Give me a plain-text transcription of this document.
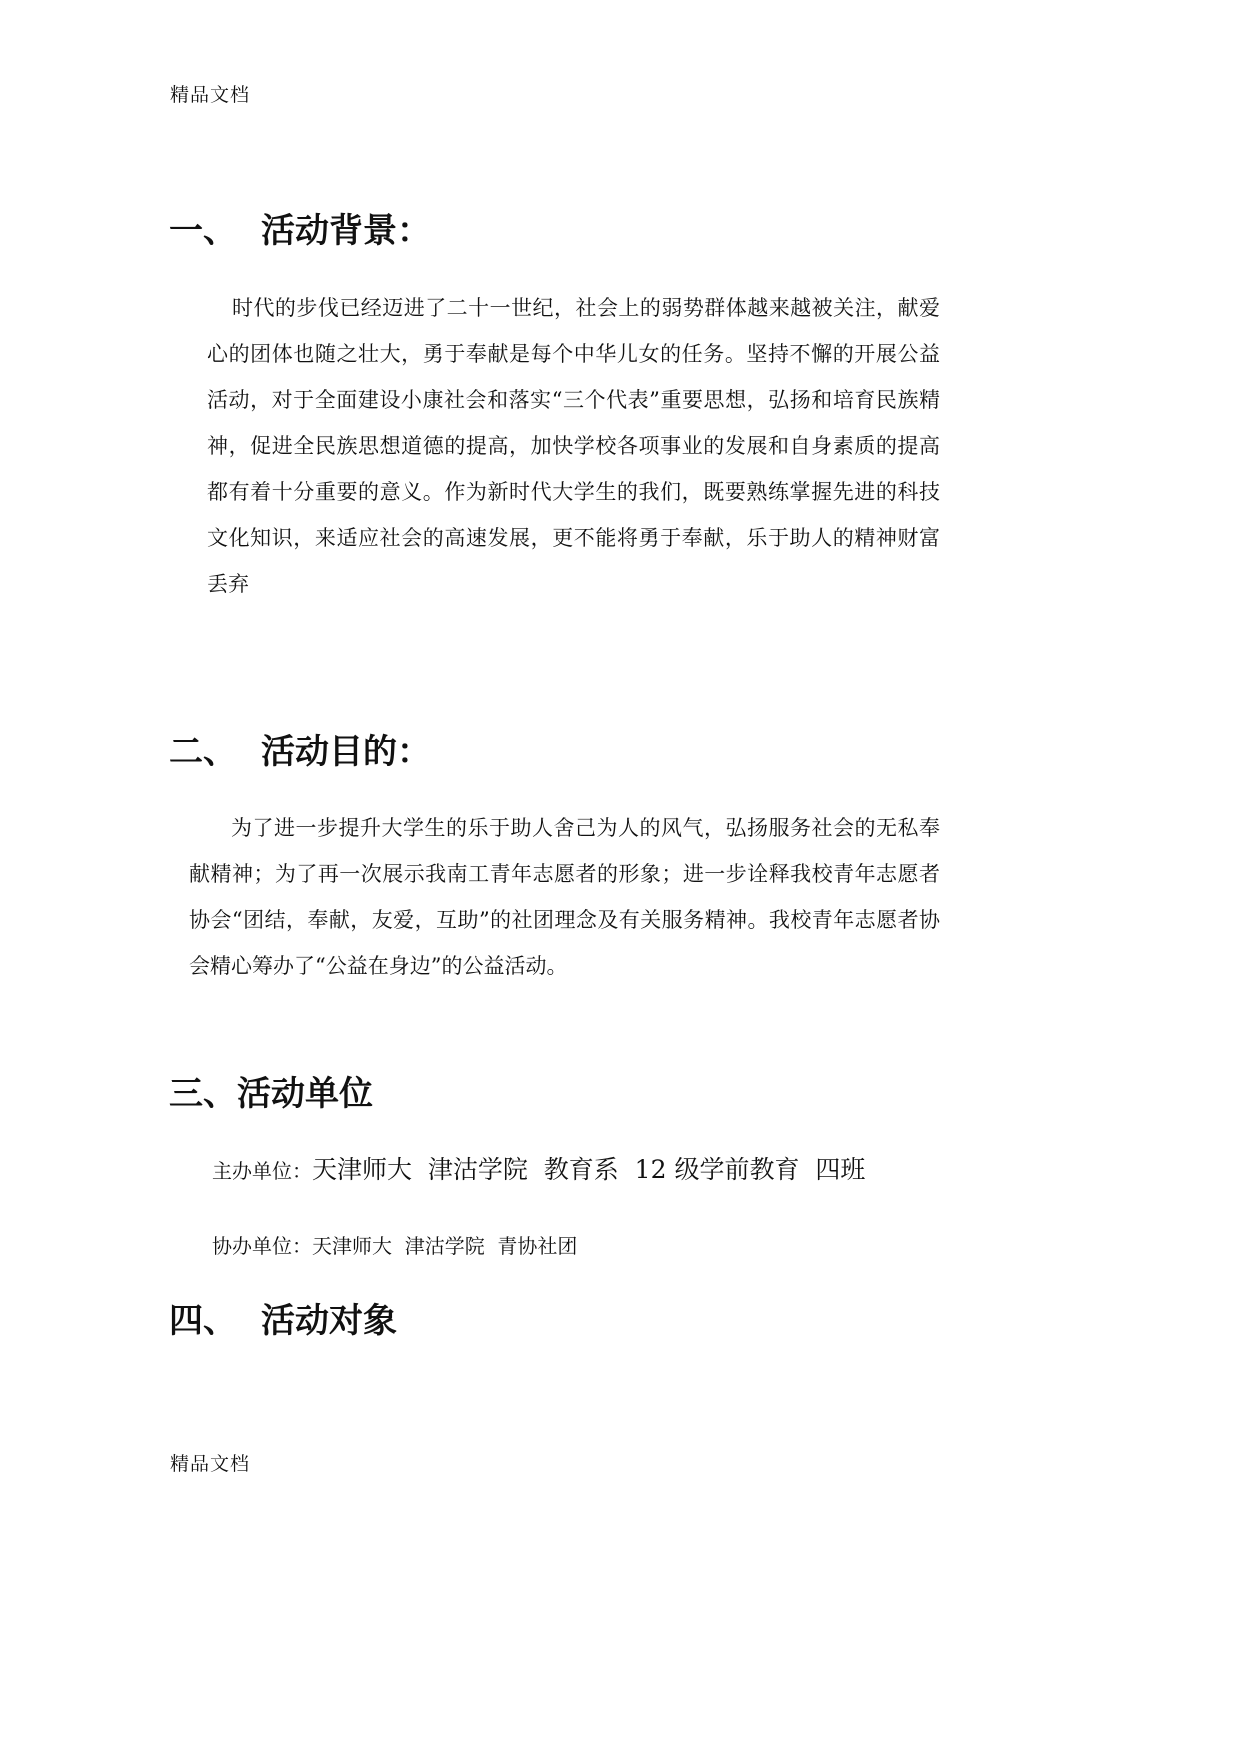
精品文档
一、 活动背景：

时代的步伐已经迈进了二十一世纪，社会上的弱势群体越来越被关注，献爱心的团体也随之壮大，勇于奉献是每个中华儿女的任务。坚持不懈的开展公益活动，对于全面建设小康社会和落实“三个代表”重要思想，弘扬和培育民族精神，促进全民族思想道德的提高，加快学校各项事业的发展和自身素质的提高都有着十分重要的意义。作为新时代大学生的我们，既要熟练掌握先进的科技文化知识，来适应社会的高速发展，更不能将勇于奉献，乐于助人的精神财富丢弃

二、 活动目的：

为了进一步提升大学生的乐于助人舍己为人的风气，弘扬服务社会的无私奉献精神；为了再一次展示我南工青年志愿者的形象；进一步诠释我校青年志愿者协会“团结，奉献，友爱，互助”的社团理念及有关服务精神。我校青年志愿者协会精心筹办了“公益在身边”的公益活动。

三、活动单位
主办单位：天津师大  津沽学院  教育系  12 级学前教育  四班
协办单位：天津师大  津沽学院  青协社团
四、 活动对象
精品文档
